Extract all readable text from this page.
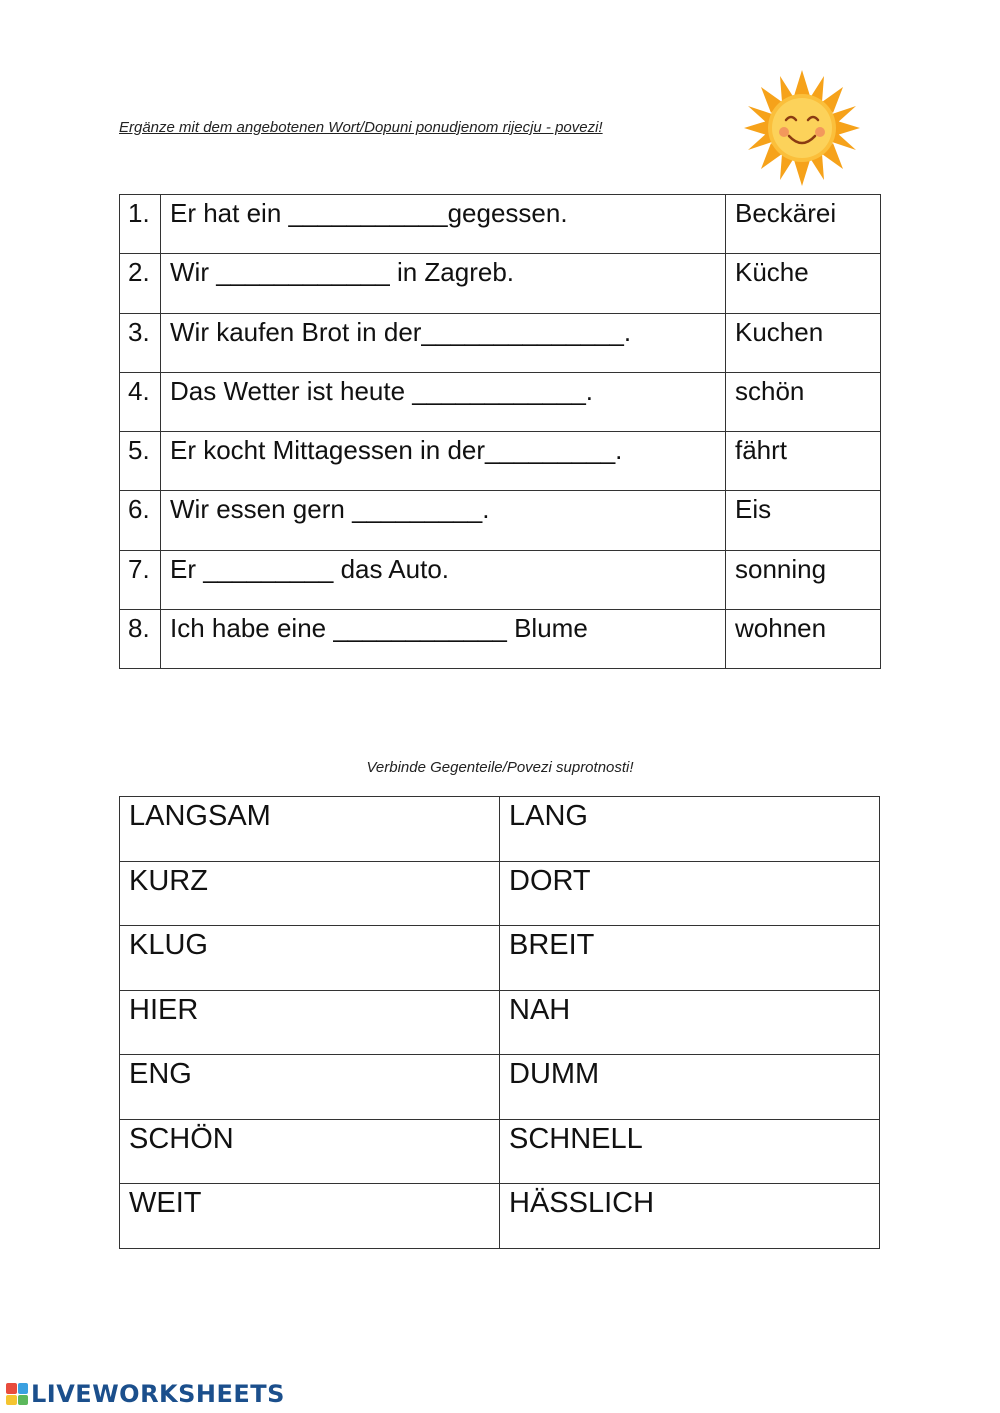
Ergänze mit dem angebotenen Wort/Dopuni ponudjenom rijecju - povezi!
1.	Er hat ein ___________gegessen.	Beckärei
2.	Wir ____________ in Zagreb.	Küche
3.	Wir kaufen Brot in der______________.	Kuchen
4.	Das Wetter ist heute ____________.	schön
5.	Er kocht Mittagessen in der_________.	fährt
6.	Wir essen gern _________.	Eis
7.	Er _________ das Auto.	sonning
8.	Ich habe eine ____________ Blume	wohnen
Verbinde Gegenteile/Povezi suprotnosti!
LANGSAM	LANG
KURZ	DORT
KLUG	BREIT
HIER	NAH
ENG	DUMM
SCHÖN	SCHNELL
WEIT	HÄSSLICH
LIVEWORKSHEETS
